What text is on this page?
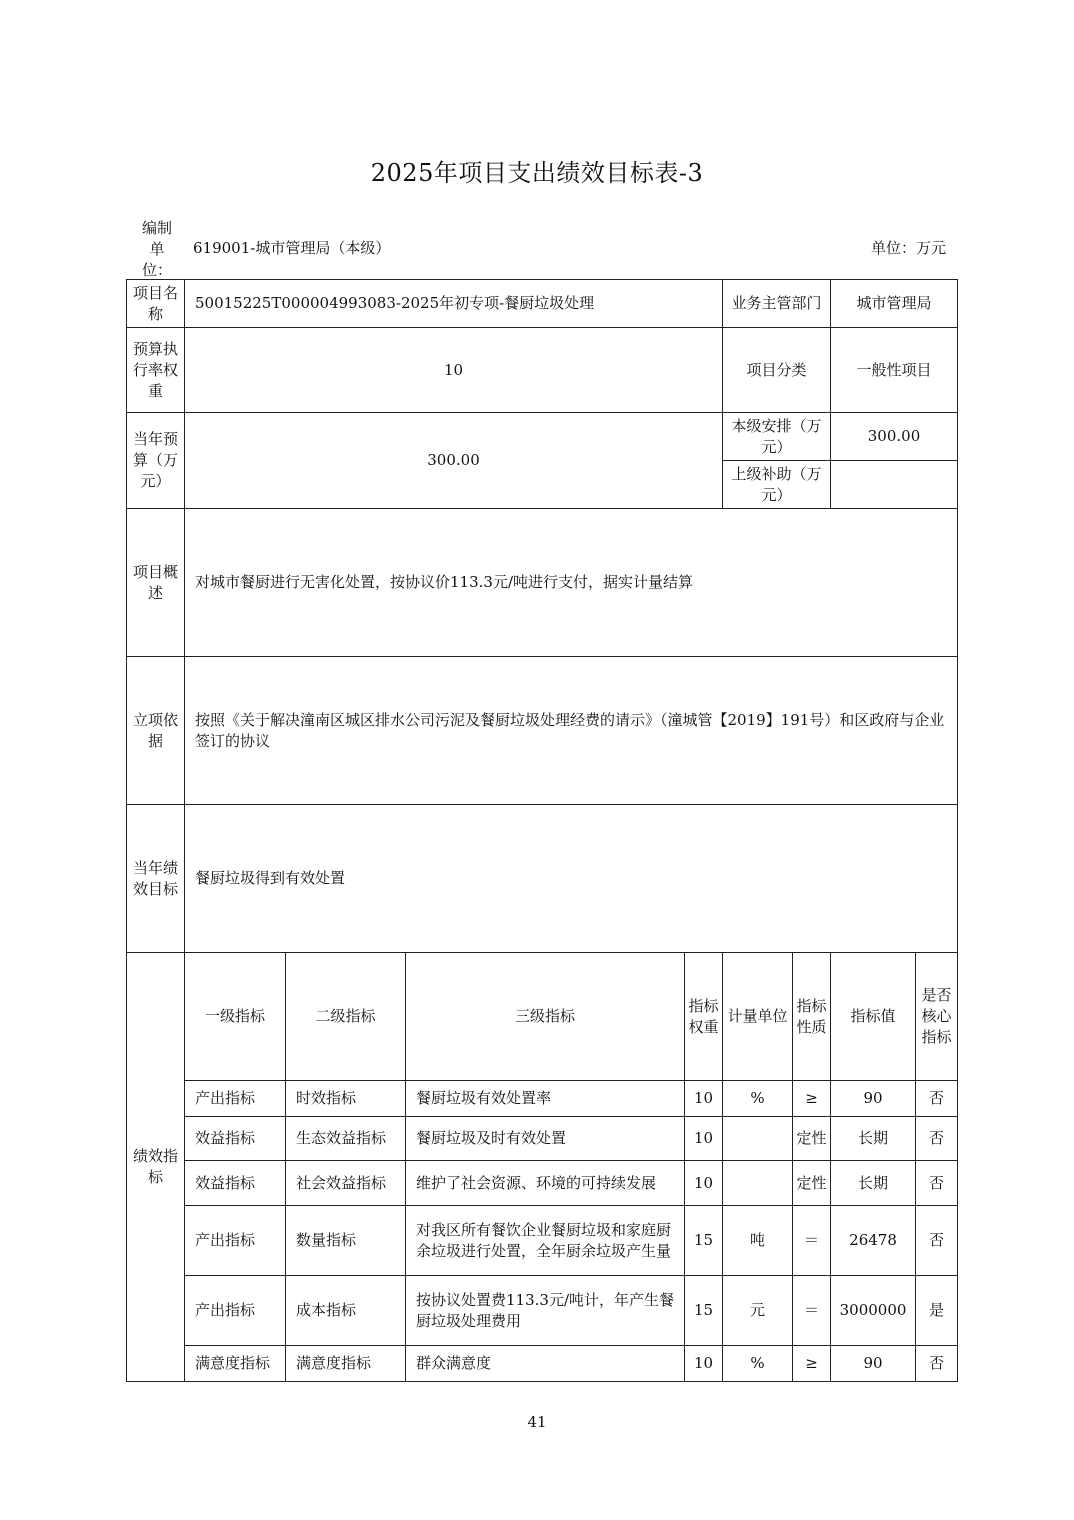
2025年项目支出绩效目标表-3
编制单位：
619001-城市管理局（本级）	单位：万元
项目名称	50015225T000004993083-2025年初专项-餐厨垃圾处理				业务主管部门		城市管理局	
预算执行率权重	10				项目分类		一般性项目	
当年预算（万元）	300.00				本级安排（万元）		300.00	
					上级补助（万元）			
项目概述	对城市餐厨进行无害化处置，按协议价113.3元/吨进行支付，据实计量结算							
立项依据	按照《关于解决潼南区城区排水公司污泥及餐厨垃圾处理经费的请示》（潼城管【2019】191号）和区政府与企业签订的协议							
当年绩效目标	餐厨垃圾得到有效处置							
绩效指标	一级指标	二级指标	三级指标	指标权重	计量单位	指标性质	指标值	是否核心指标
	产出指标	时效指标	餐厨垃圾有效处置率	10	%	≥	90	否
	效益指标	生态效益指标	餐厨垃圾及时有效处置	10		定性	长期	否
	效益指标	社会效益指标	维护了社会资源、环境的可持续发展	10		定性	长期	否
	产出指标	数量指标	对我区所有餐饮企业餐厨垃圾和家庭厨余垃圾进行处置，全年厨余垃圾产生量	15	吨	＝	26478	否
	产出指标	成本指标	按协议处置费113.3元/吨计，年产生餐厨垃圾处理费用	15	元	＝	3000000	是
	满意度指标	满意度指标	群众满意度	10	%	≥	90	否
41
